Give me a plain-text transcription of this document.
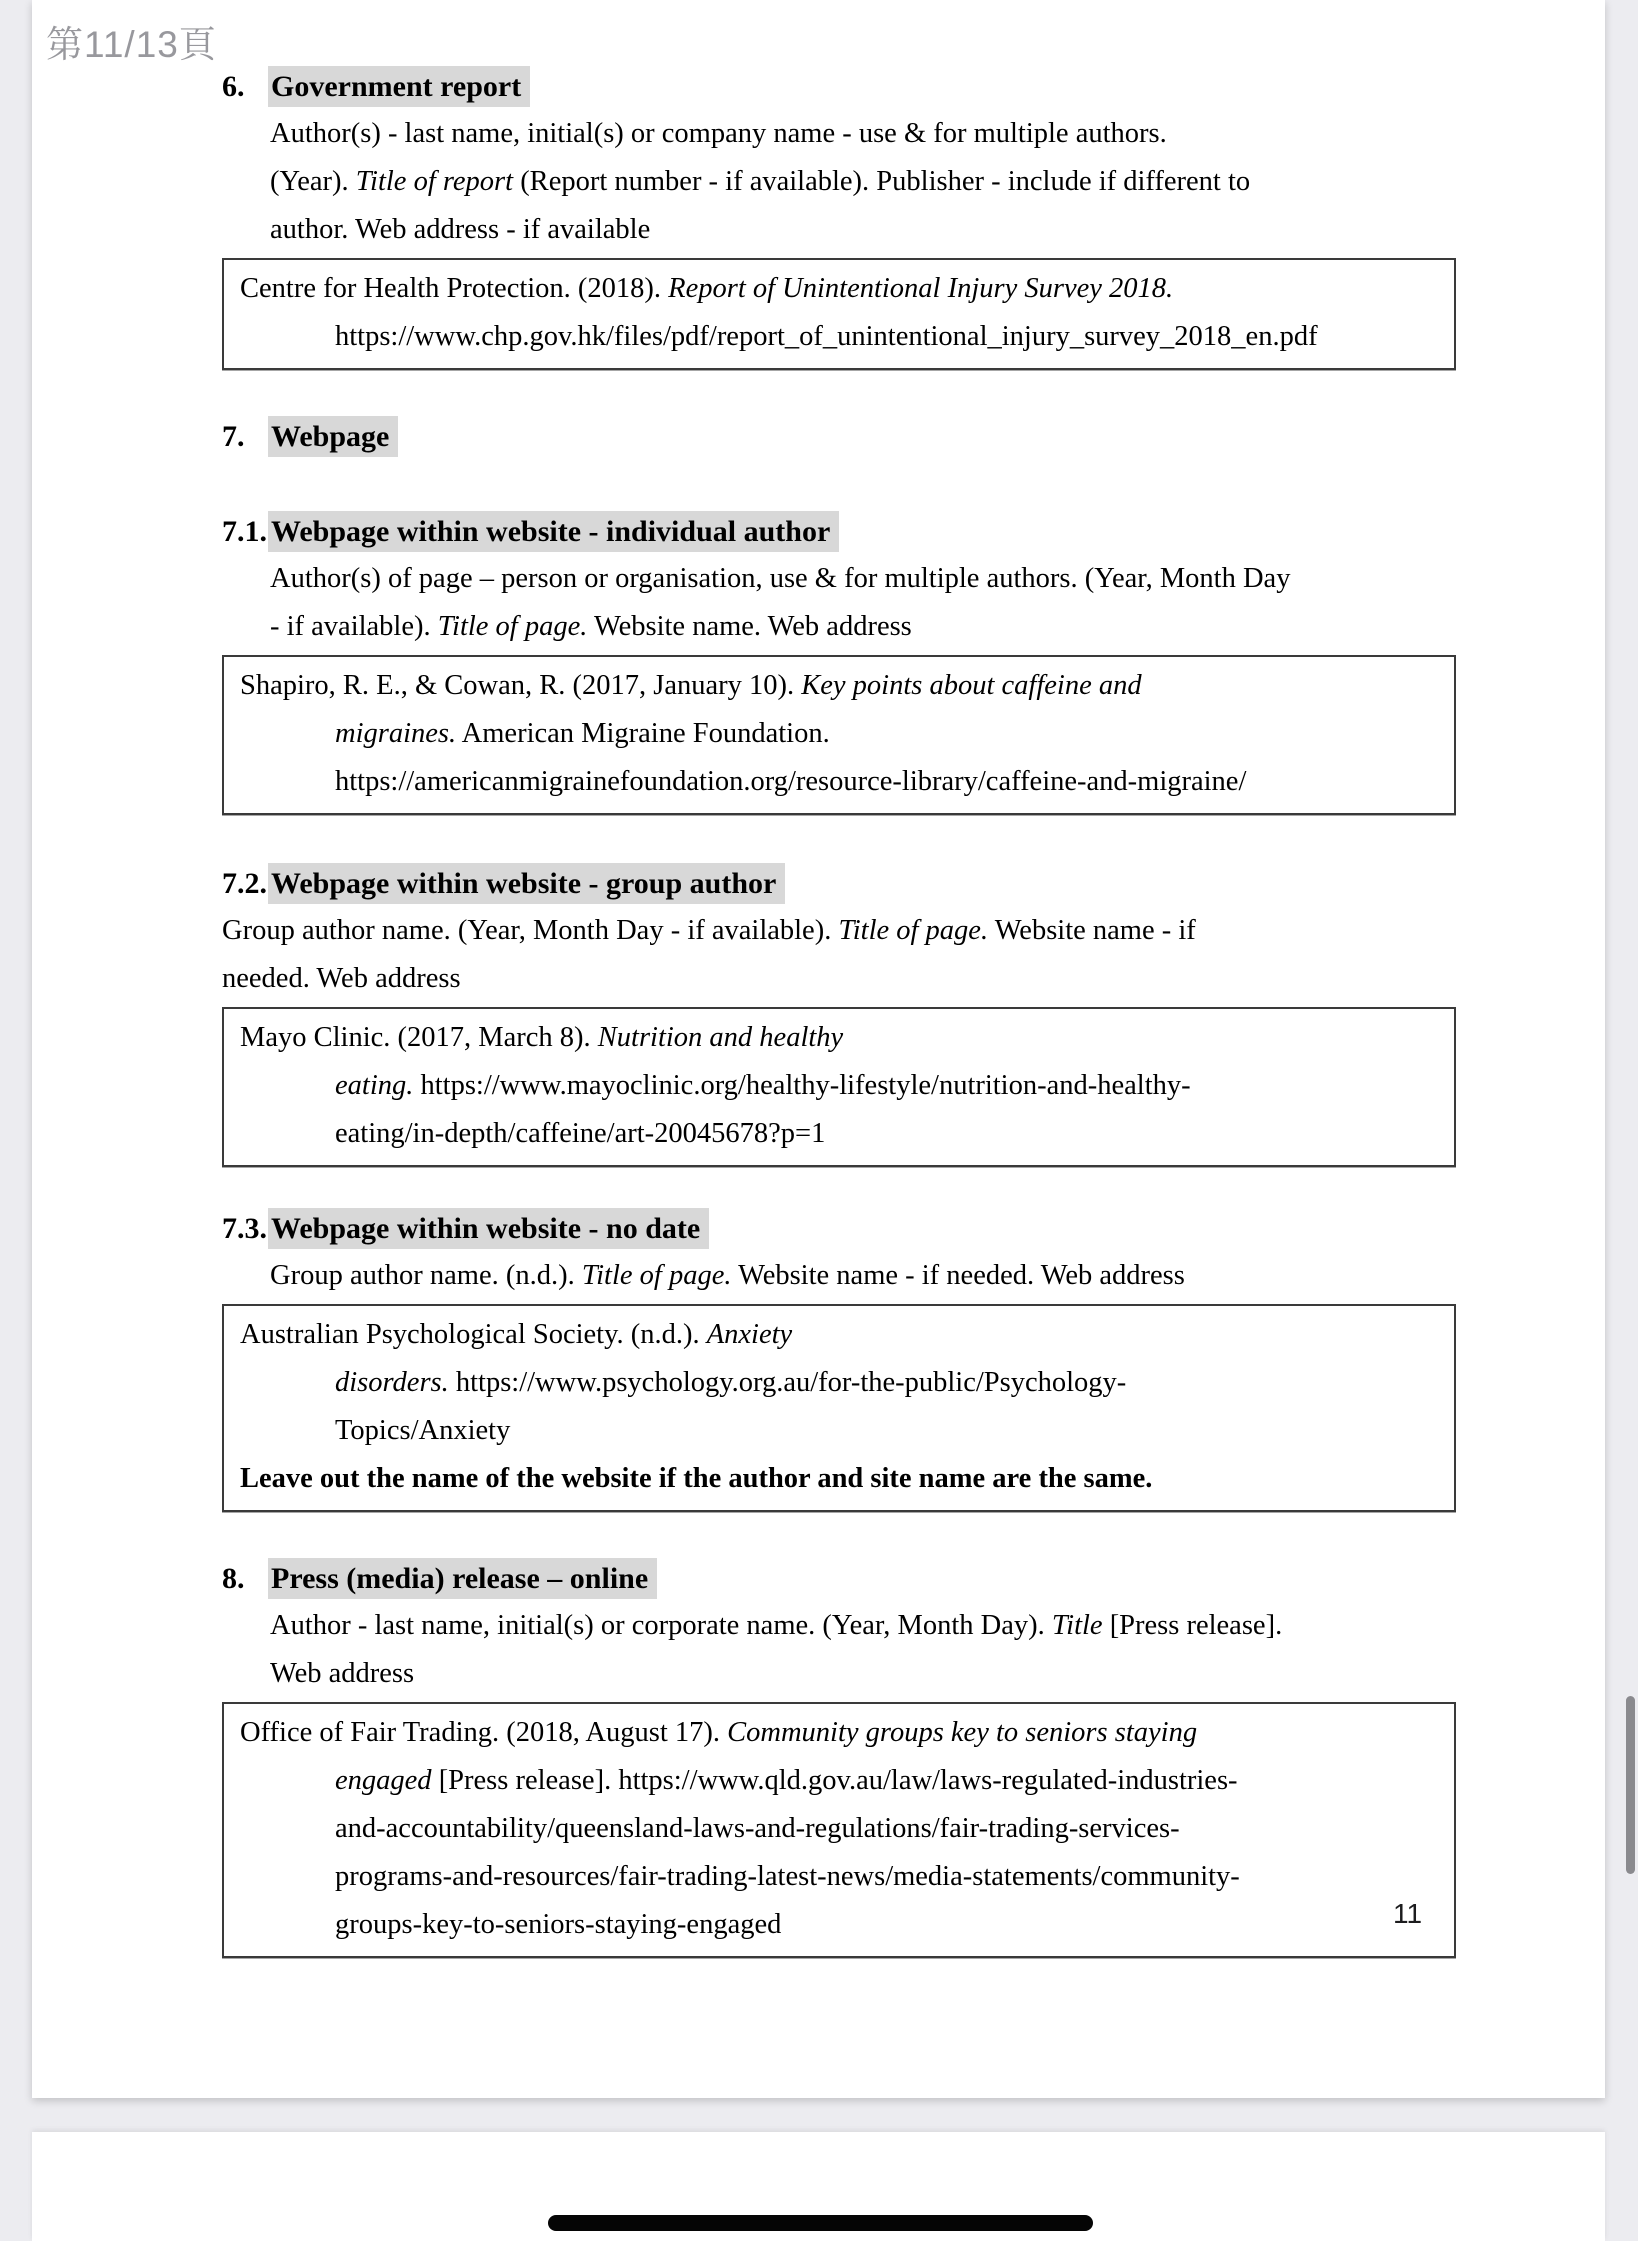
第11/13頁
6. Government report
Author(s) - last name, initial(s) or company name - use & for multiple authors.
(Year). Title of report (Report number - if available). Publisher - include if different to
author. Web address - if available
Centre for Health Protection. (2018). Report of Unintentional Injury Survey 2018.
https://www.chp.gov.hk/files/pdf/report_of_unintentional_injury_survey_2018_en.pdf
7. Webpage
7.1. Webpage within website - individual author
Author(s) of page – person or organisation, use & for multiple authors. (Year, Month Day
- if available). Title of page. Website name. Web address
Shapiro, R. E., & Cowan, R. (2017, January 10). Key points about caffeine and
migraines. American Migraine Foundation.
https://americanmigrainefoundation.org/resource-library/caffeine-and-migraine/
7.2. Webpage within website - group author
Group author name. (Year, Month Day - if available). Title of page. Website name - if
needed. Web address
Mayo Clinic. (2017, March 8). Nutrition and healthy
eating. https://www.mayoclinic.org/healthy-lifestyle/nutrition-and-healthy-
eating/in-depth/caffeine/art-20045678?p=1
7.3. Webpage within website - no date
Group author name. (n.d.). Title of page. Website name - if needed. Web address
Australian Psychological Society. (n.d.). Anxiety
disorders. https://www.psychology.org.au/for-the-public/Psychology-
Topics/Anxiety
Leave out the name of the website if the author and site name are the same.
8. Press (media) release – online
Author - last name, initial(s) or corporate name. (Year, Month Day). Title [Press release].
Web address
Office of Fair Trading. (2018, August 17). Community groups key to seniors staying
engaged [Press release]. https://www.qld.gov.au/law/laws-regulated-industries-
and-accountability/queensland-laws-and-regulations/fair-trading-services-
programs-and-resources/fair-trading-latest-news/media-statements/community-
groups-key-to-seniors-staying-engaged	11
